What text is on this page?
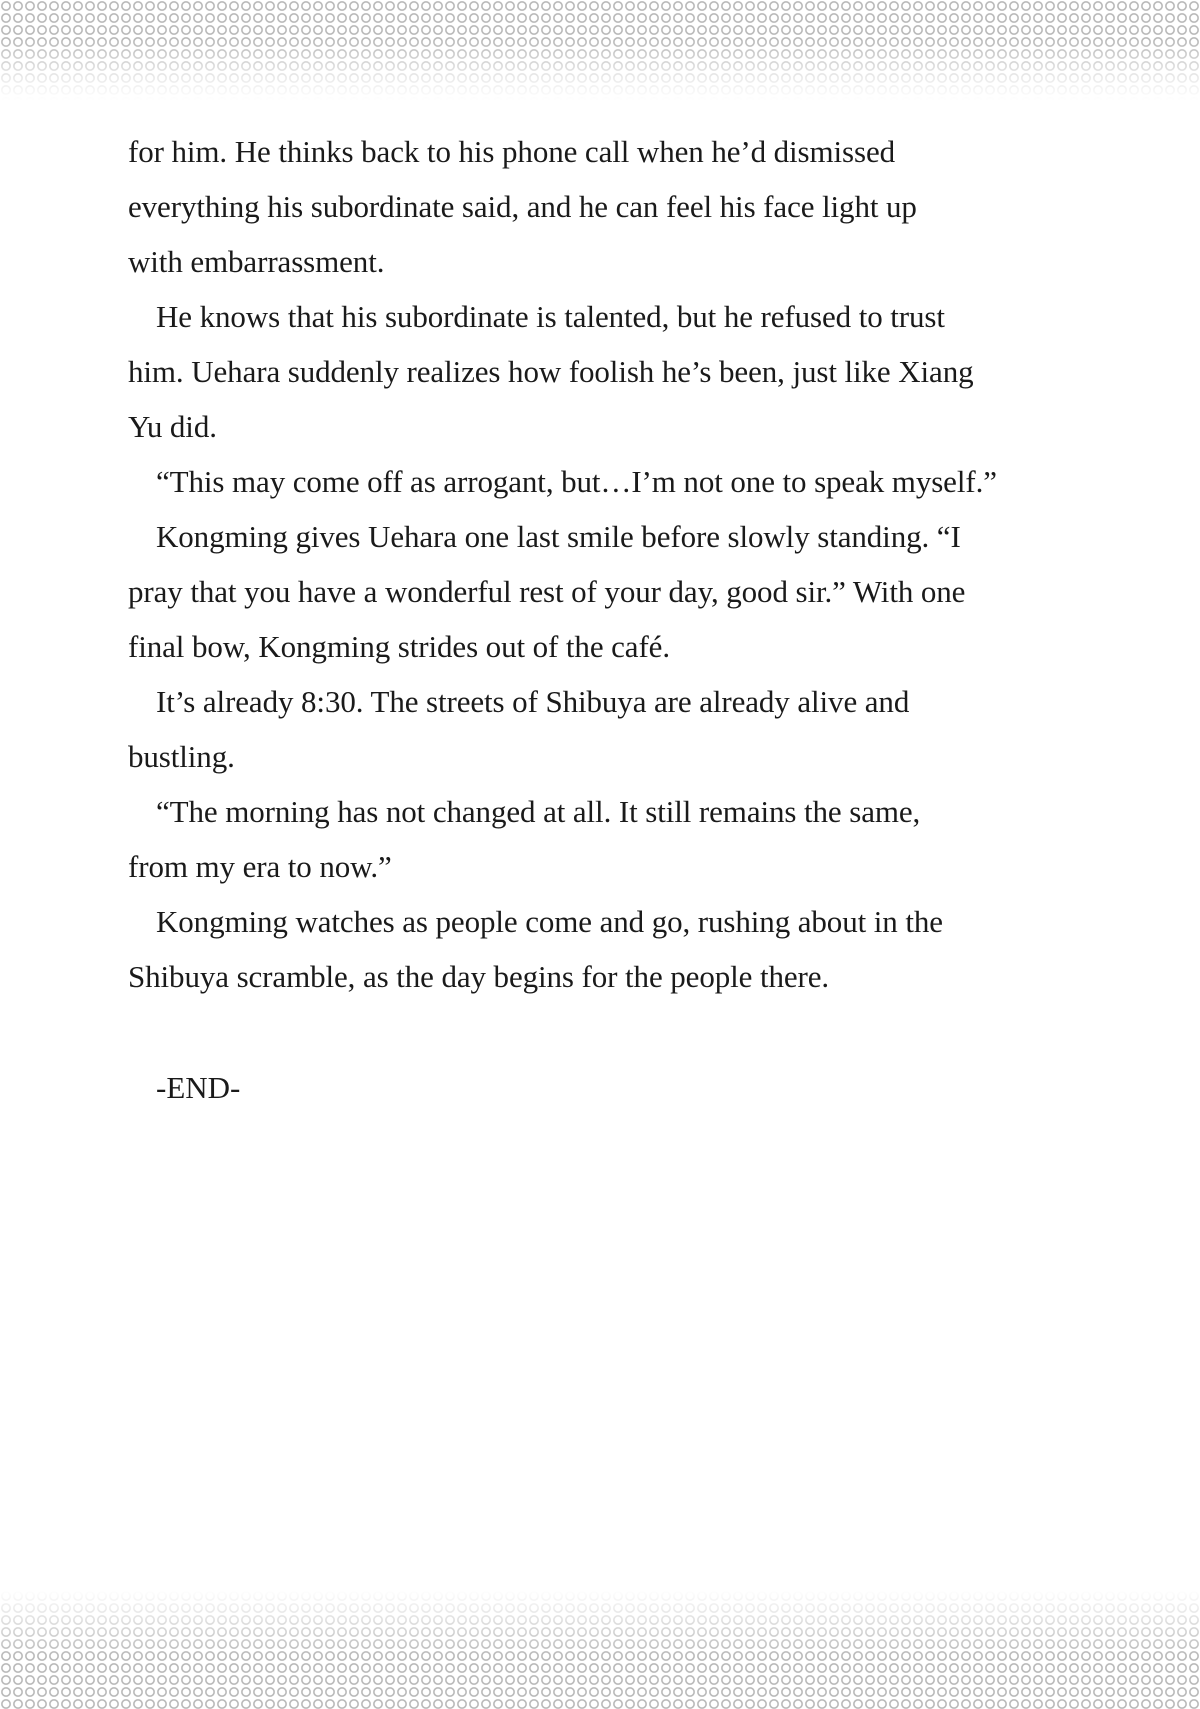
for him. He thinks back to his phone call when he’d dismissed
everything his subordinate said, and he can feel his face light up
with embarrassment.

He knows that his subordinate is talented, but he refused to trust
him. Uehara suddenly realizes how foolish he’s been, just like Xiang
Yu did.

“This may come off as arrogant, but…I’m not one to speak myself.”

Kongming gives Uehara one last smile before slowly standing. “I
pray that you have a wonderful rest of your day, good sir.” With one
final bow, Kongming strides out of the café.

It’s already 8:30. The streets of Shibuya are already alive and
bustling.

“The morning has not changed at all. It still remains the same,
from my era to now.”

Kongming watches as people come and go, rushing about in the
Shibuya scramble, as the day begins for the people there.

-END-
